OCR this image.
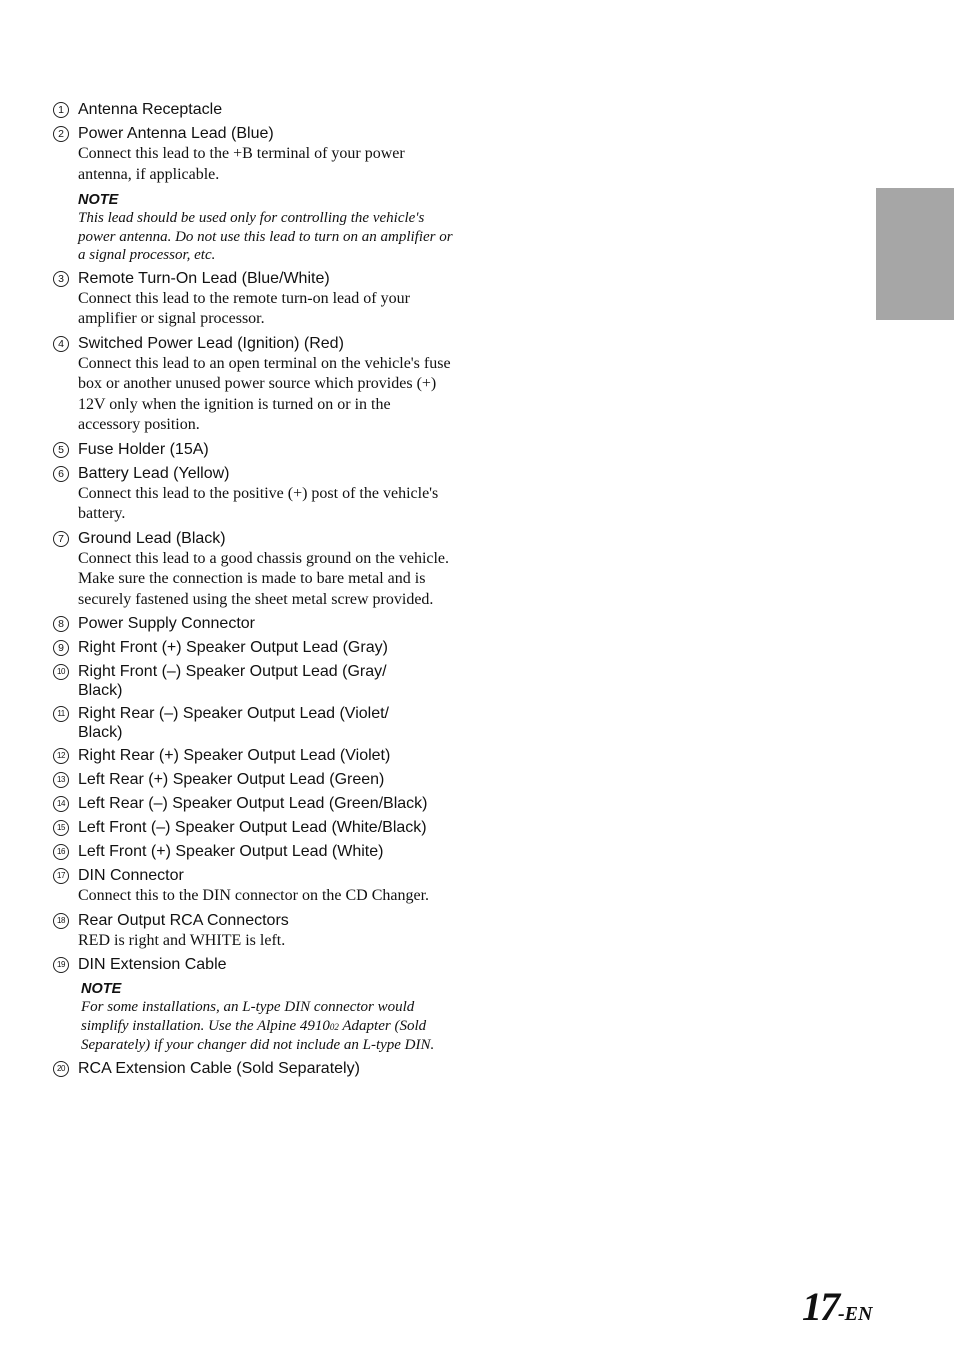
1 Antenna Receptacle
2 Power Antenna Lead (Blue)
Connect this lead to the +B terminal of your power antenna, if applicable.
NOTE
This lead should be used only for controlling the vehicle's power antenna. Do not use this lead to turn on an amplifier or a signal processor, etc.
3 Remote Turn-On Lead (Blue/White)
Connect this lead to the remote turn-on lead of your amplifier or signal processor.
4 Switched Power Lead (Ignition) (Red)
Connect this lead to an open terminal on the vehicle's fuse box or another unused power source which provides (+) 12V only when the ignition is turned on or in the accessory position.
5 Fuse Holder (15A)
6 Battery Lead (Yellow)
Connect this lead to the positive (+) post of the vehicle's battery.
7 Ground Lead (Black)
Connect this lead to a good chassis ground on the vehicle. Make sure the connection is made to bare metal and is securely fastened using the sheet metal screw provided.
8 Power Supply Connector
9 Right Front (+) Speaker Output Lead (Gray)
10 Right Front (–) Speaker Output Lead (Gray/ Black)
11 Right Rear (–) Speaker Output Lead (Violet/ Black)
12 Right Rear (+) Speaker Output Lead (Violet)
13 Left Rear (+) Speaker Output Lead (Green)
14 Left Rear (–) Speaker Output Lead (Green/Black)
15 Left Front (–) Speaker Output Lead (White/Black)
16 Left Front (+) Speaker Output Lead (White)
17 DIN Connector
Connect this to the DIN connector on the CD Changer.
18 Rear Output RCA Connectors
RED is right and WHITE is left.
19 DIN Extension Cable
NOTE
For some installations, an L-type DIN connector would simplify installation. Use the Alpine 491002 Adapter (Sold Separately) if your changer did not include an L-type DIN.
20 RCA Extension Cable (Sold Separately)
17-EN
